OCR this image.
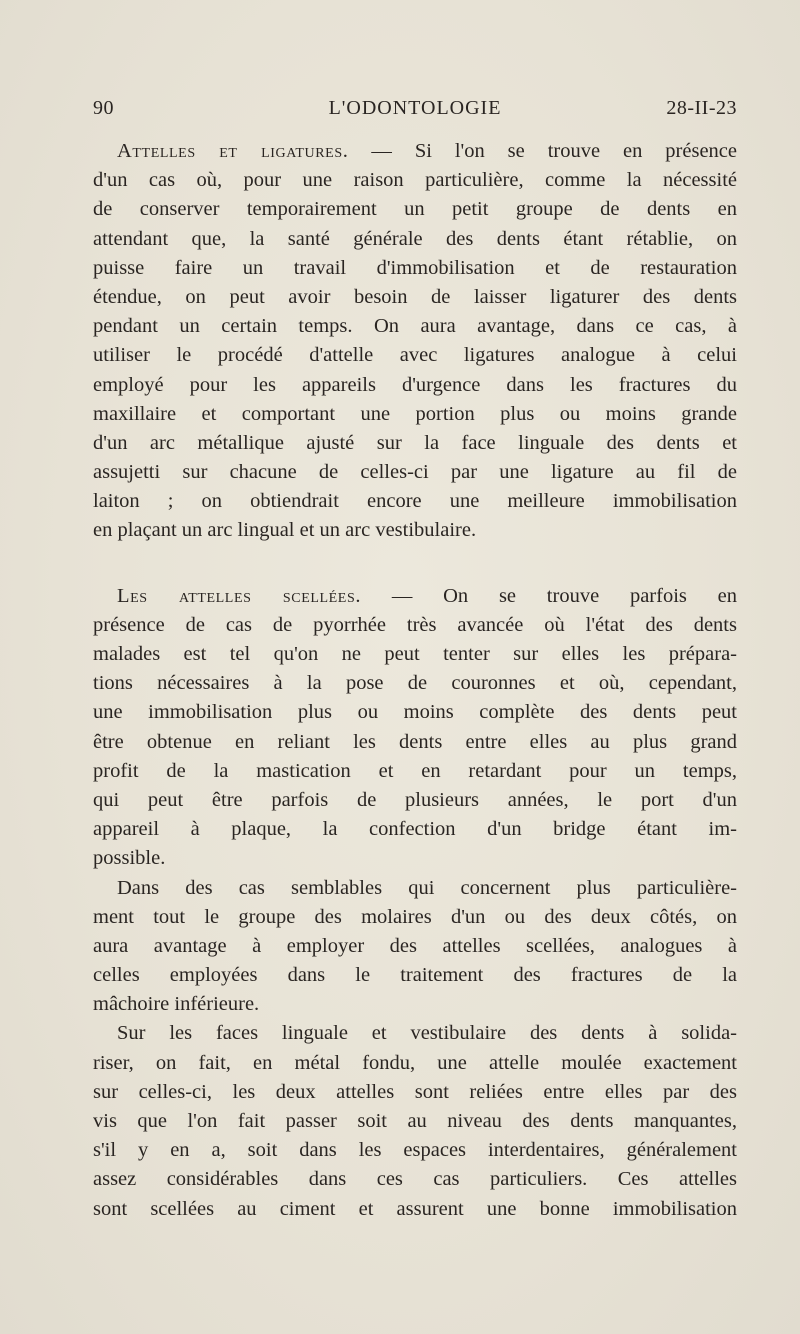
90	L'ODONTOLOGIE	28-II-23
Attelles et ligatures. — Si l'on se trouve en présence
d'un cas où, pour une raison particulière, comme la nécessité
de conserver temporairement un petit groupe de dents en
attendant que, la santé générale des dents étant rétablie, on
puisse faire un travail d'immobilisation et de restauration
étendue, on peut avoir besoin de laisser ligaturer des dents
pendant un certain temps. On aura avantage, dans ce cas, à
utiliser le procédé d'attelle avec ligatures analogue à celui
employé pour les appareils d'urgence dans les fractures du
maxillaire et comportant une portion plus ou moins grande
d'un arc métallique ajusté sur la face linguale des dents et
assujetti sur chacune de celles-ci par une ligature au fil de
laiton ; on obtiendrait encore une meilleure immobilisation
en plaçant un arc lingual et un arc vestibulaire.
Les attelles scellées. — On se trouve parfois en
présence de cas de pyorrhée très avancée où l'état des dents
malades est tel qu'on ne peut tenter sur elles les prépara-
tions nécessaires à la pose de couronnes et où, cependant,
une immobilisation plus ou moins complète des dents peut
être obtenue en reliant les dents entre elles au plus grand
profit de la mastication et en retardant pour un temps,
qui peut être parfois de plusieurs années, le port d'un
appareil à plaque, la confection d'un bridge étant im-
possible.
Dans des cas semblables qui concernent plus particulière-
ment tout le groupe des molaires d'un ou des deux côtés, on
aura avantage à employer des attelles scellées, analogues à
celles employées dans le traitement des fractures de la
mâchoire inférieure.
Sur les faces linguale et vestibulaire des dents à solida-
riser, on fait, en métal fondu, une attelle moulée exactement
sur celles-ci, les deux attelles sont reliées entre elles par des
vis que l'on fait passer soit au niveau des dents manquantes,
s'il y en a, soit dans les espaces interdentaires, généralement
assez considérables dans ces cas particuliers. Ces attelles
sont scellées au ciment et assurent une bonne immobilisation
